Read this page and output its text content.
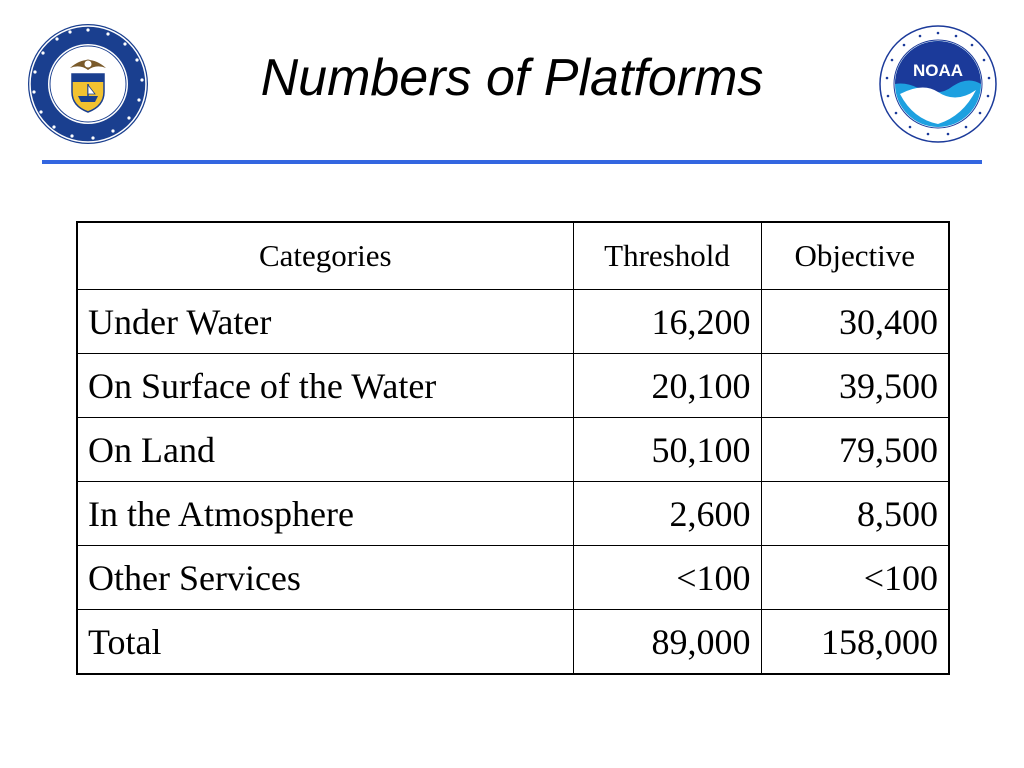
Numbers of Platforms	NOAA
Categories	Threshold	Objective
Under Water	16,200	30,400
On Surface of the Water	20,100	39,500
On Land	50,100	79,500
In the Atmosphere	2,600	8,500
Other Services	<100	<100
Total	89,000	158,000
